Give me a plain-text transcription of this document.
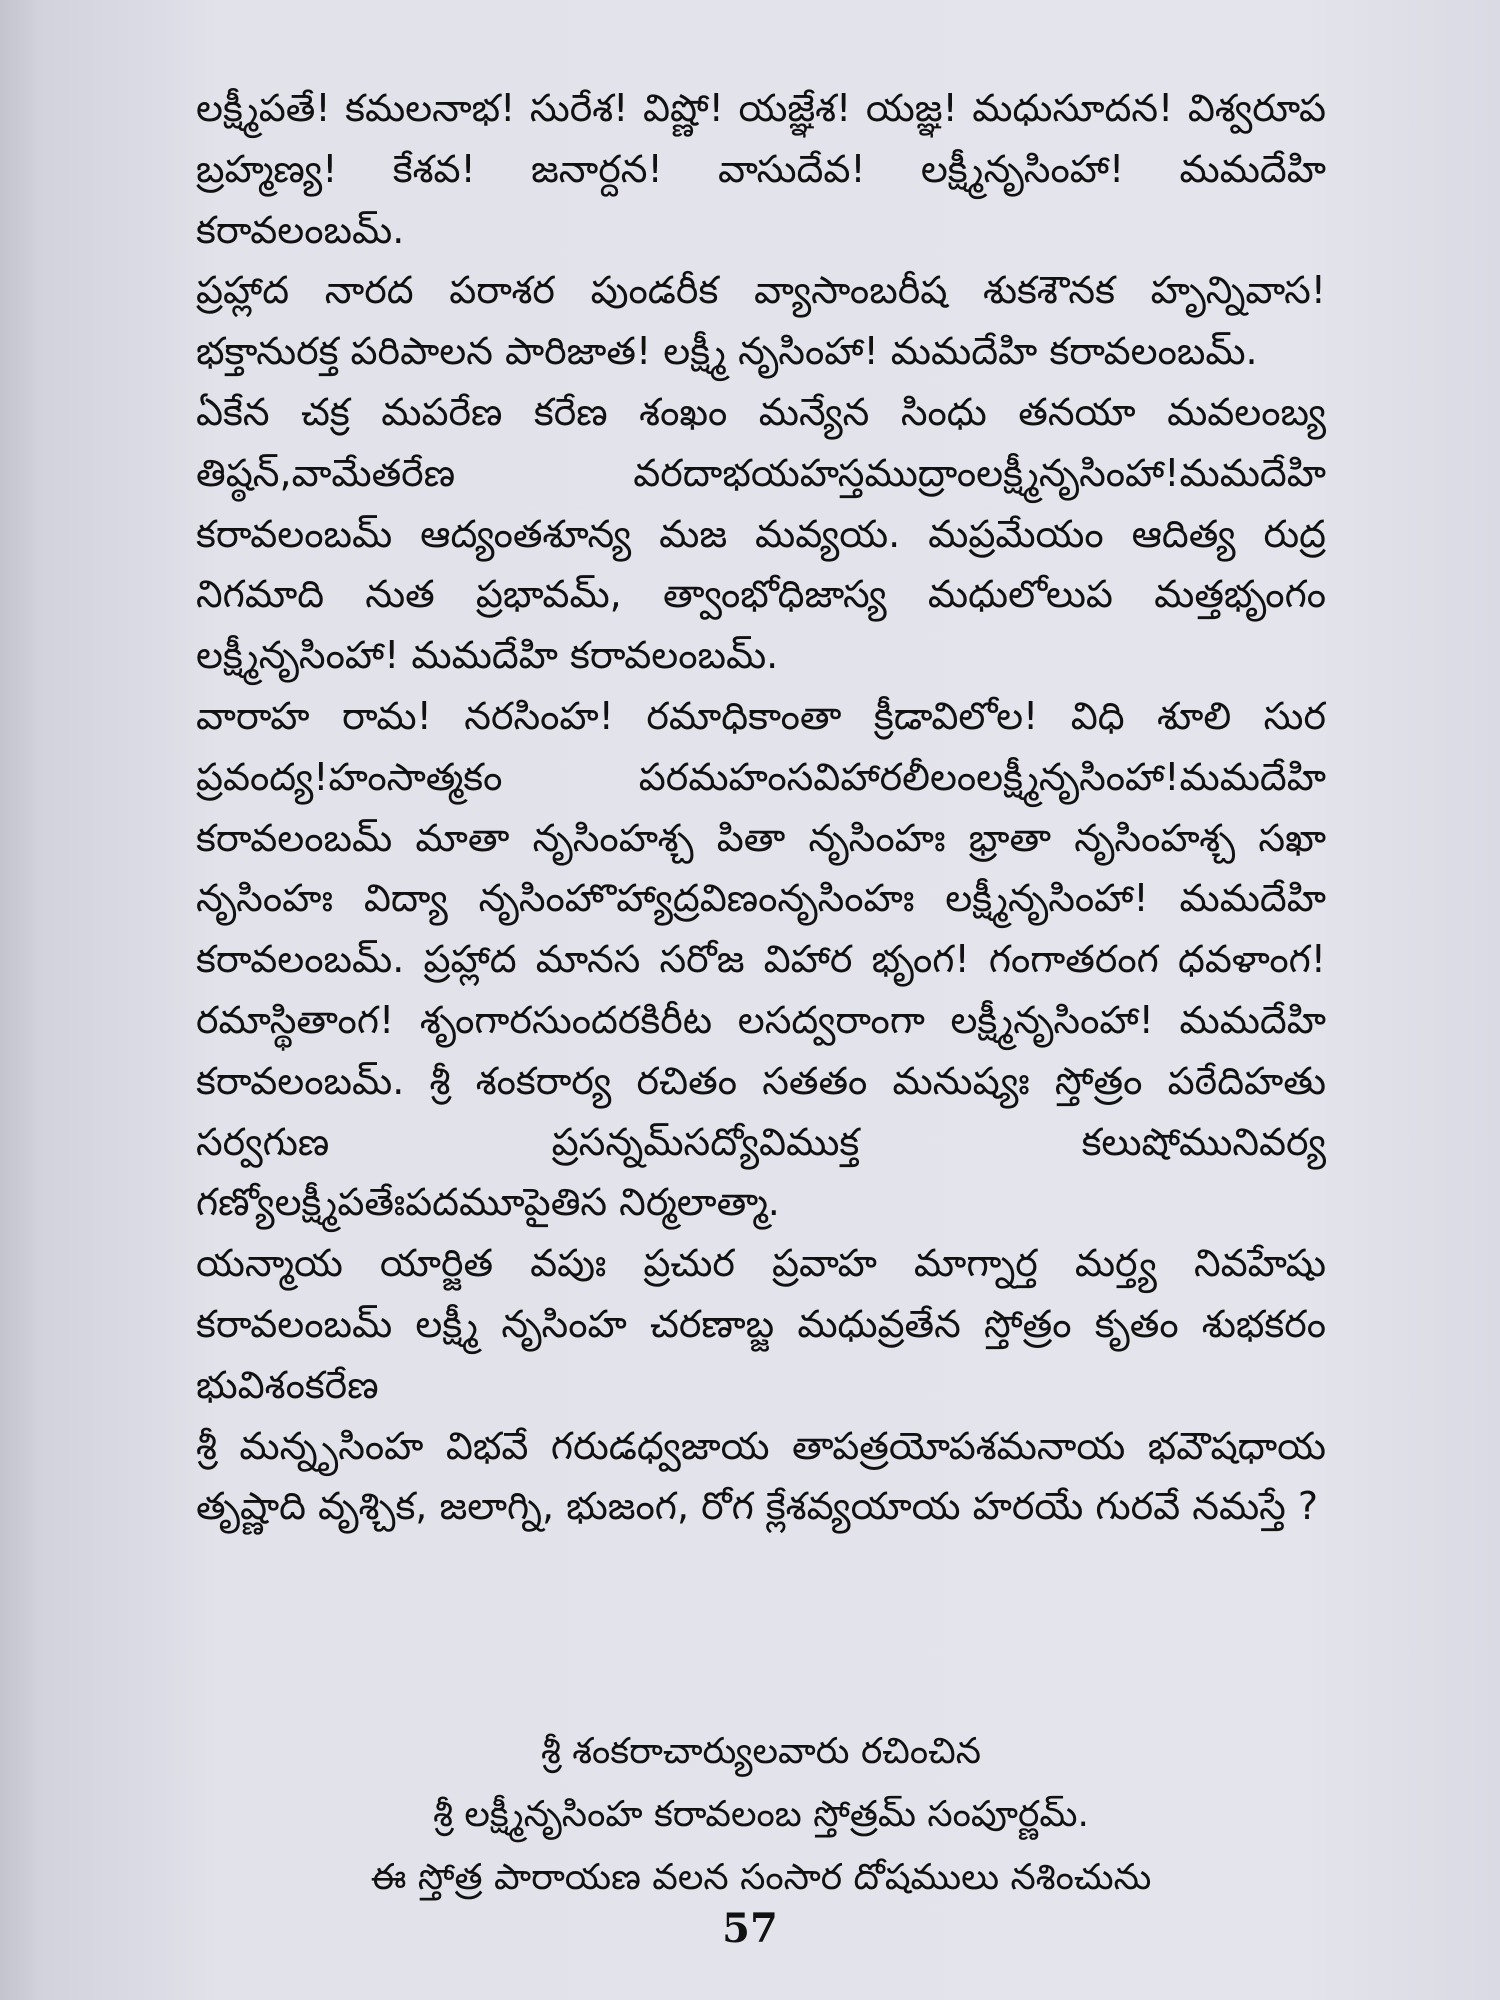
లక్ష్మీపతే! కమలనాభ! సురేశ! విష్ణో! యజ్ఞేశ! యజ్ఞ! మధుసూదన! విశ్వరూప బ్రహ్మణ్య! కేశవ! జనార్దన! వాసుదేవ! లక్ష్మీనృసింహా! మమదేహి కరావలంబమ్.

ప్రహ్లాద నారద పరాశర పుండరీక వ్యాసాంబరీష శుకశౌనక హృన్నివాస! భక్తానురక్త పరిపాలన పారిజాత! లక్ష్మీ నృసింహా! మమదేహి కరావలంబమ్.

ఏకేన చక్ర మపరేణ కరేణ శంఖం మన్యేన సింధు తనయా మవలంబ్య తిష్ఠన్,వామేతరేణ వరదాభయహస్తముద్రాంలక్ష్మీనృసింహా!మమదేహి కరావలంబమ్ ఆద్యంతశూన్య మజ మవ్యయ. మప్రమేయం ఆదిత్య రుద్ర నిగమాది నుత ప్రభావమ్, త్వాంభోధిజాస్య మధులోలుప మత్తభృంగం లక్ష్మీనృసింహా! మమదేహి కరావలంబమ్.

వారాహ రామ! నరసింహ! రమాధికాంతా క్రీడావిలోల! విధి శూలి సుర ప్రవంద్య!హంసాత్మకం పరమహంసవిహారలీలంలక్ష్మీనృసింహా!మమదేహి కరావలంబమ్ మాతా నృసింహశ్చ పితా నృసింహః భ్రాతా నృసింహశ్చ సఖా నృసింహః విద్యా నృసింహొహ్యాద్రవిణంనృసింహః లక్ష్మీనృసింహా! మమదేహి కరావలంబమ్. ప్రహ్లాద మానస సరోజ విహార భృంగ! గంగాతరంగ ధవళాంగ! రమాస్థితాంగ! శృంగారసుందరకిరీట లసద్వరాంగా లక్ష్మీనృసింహా! మమదేహి కరావలంబమ్. శ్రీ శంకరార్య రచితం సతతం మనుష్యః స్తోత్రం పఠేదిహతు సర్వగుణ ప్రసన్నమ్‌సద్యోవిముక్త కలుషోమునివర్య గణ్యోలక్ష్మీపతేఃపదమూపైతిస నిర్మలాత్మా.

యన్మాయ యార్జిత వపుః ప్రచుర ప్రవాహ మాగ్నార్త మర్త్య నివహేషు కరావలంబమ్ లక్ష్మీ నృసింహ చరణాబ్జ మధువ్రతేన స్తోత్రం కృతం శుభకరం భువిశంకరేణ

శ్రీ మన్నృసింహ విభవే గరుడధ్వజాయ తాపత్రయోపశమనాయ భవౌషధాయ తృష్ణాది వృశ్చిక, జలాగ్ని, భుజంగ, రోగ క్లేశవ్యయాయ హరయే గురవే నమస్తే ?

శ్రీ శంకరాచార్యులవారు రచించిన
శ్రీ లక్ష్మీనృసింహ కరావలంబ స్తోత్రమ్ సంపూర్ణమ్.
ఈ స్తోత్ర పారాయణ వలన సంసార దోషములు నశించును
57
